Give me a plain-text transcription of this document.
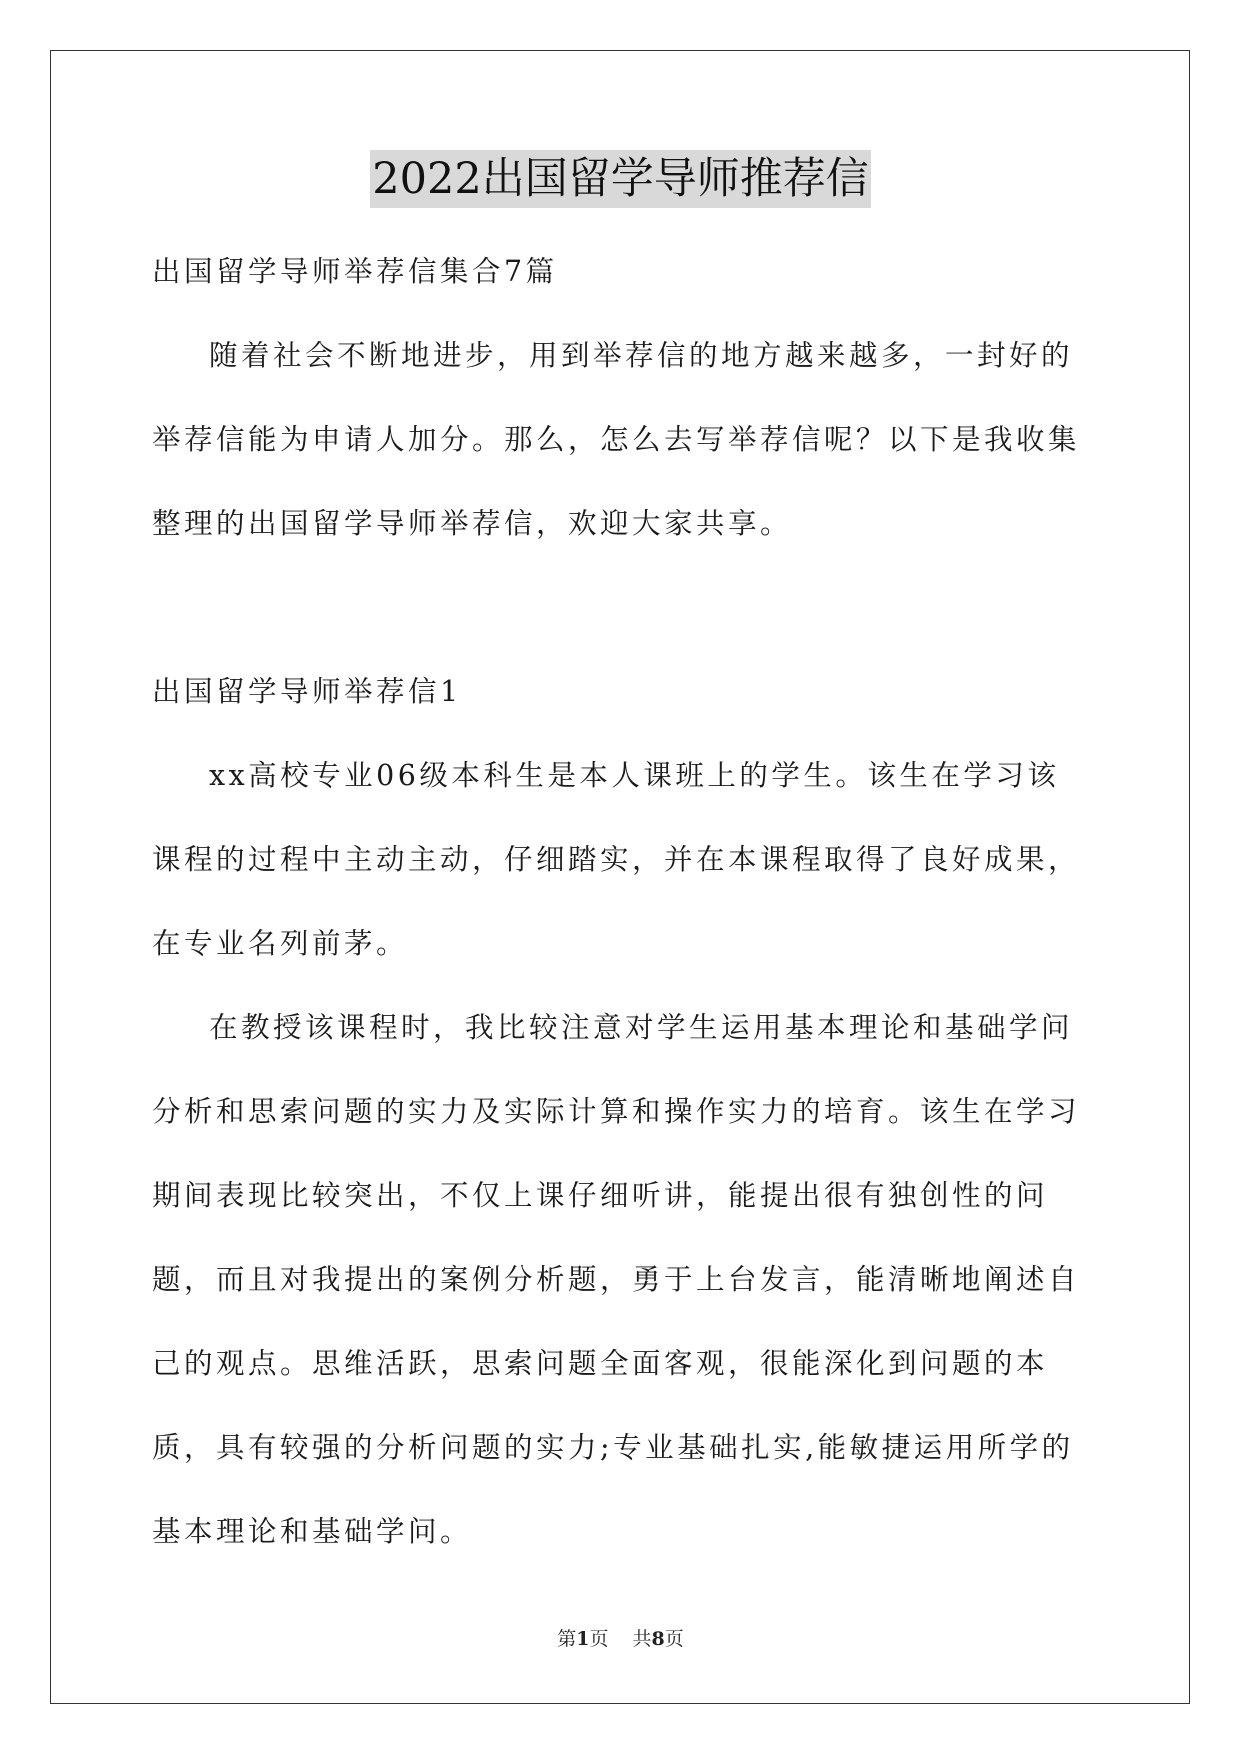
2022出国留学导师推荐信

出国留学导师举荐信集合7篇

随着社会不断地进步，用到举荐信的地方越来越多，一封好的举荐信能为申请人加分。那么，怎么去写举荐信呢？以下是我收集整理的出国留学导师举荐信，欢迎大家共享。

出国留学导师举荐信1

xx高校专业06级本科生是本人课班上的学生。该生在学习该课程的过程中主动主动，仔细踏实，并在本课程取得了良好成果，在专业名列前茅。

在教授该课程时，我比较注意对学生运用基本理论和基础学问分析和思索问题的实力及实际计算和操作实力的培育。该生在学习期间表现比较突出，不仅上课仔细听讲，能提出很有独创性的问题，而且对我提出的案例分析题，勇于上台发言，能清晰地阐述自己的观点。思维活跃，思索问题全面客观，很能深化到问题的本质，具有较强的分析问题的实力;专业基础扎实,能敏捷运用所学的基本理论和基础学问。

第1页 共8页
